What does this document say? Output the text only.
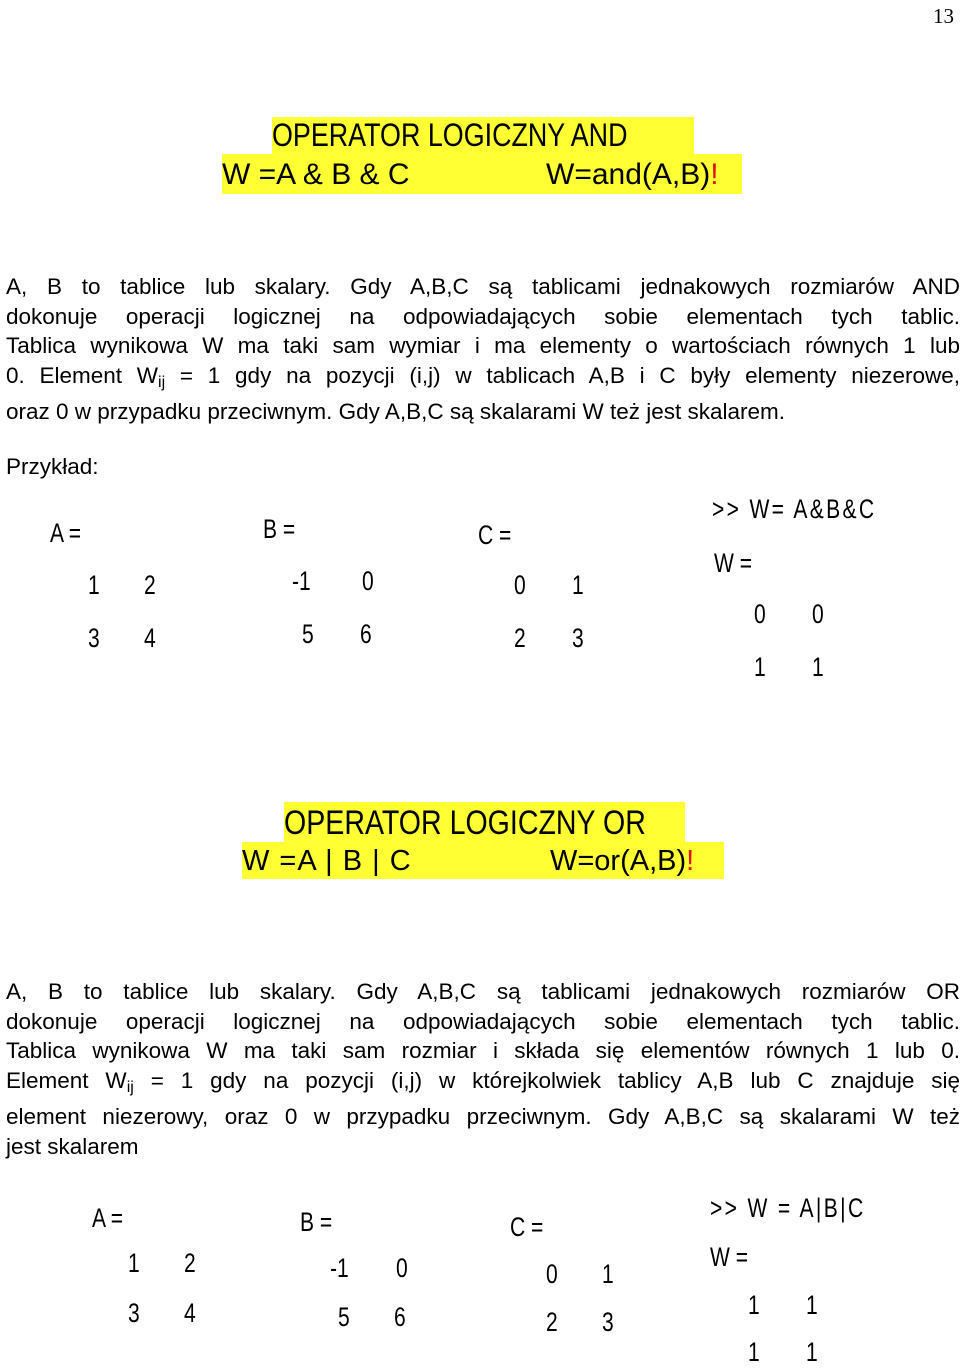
13
OPERATOR LOGICZNY AND
W =A & B & C	W=and(A,B)!
A, B to tablice lub skalary. Gdy A,B,C są tablicami jednakowych rozmiarów AND
dokonuje operacji logicznej na odpowiadających sobie elementach tych tablic.
Tablica wynikowa W ma taki sam wymiar i ma elementy o wartościach równych 1 lub
0. Element $W_{ij} = 1$ gdy na pozycji (i,j) w tablicach A,B i C były elementy niezerowe,
oraz 0 w przypadku przeciwnym. Gdy A,B,C są skalarami W też jest skalarem.
Przykład:
A =
1 2
3 4
B =
-1 0
5 6
C =
0 1
2 3
>> W= A&B&C
W =
0 0
1 1
OPERATOR LOGICZNY OR
W =A | B | C	W=or(A,B)!
A, B to tablice lub skalary. Gdy A,B,C są tablicami jednakowych rozmiarów OR
dokonuje operacji logicznej na odpowiadających sobie elementach tych tablic.
Tablica wynikowa W ma taki sam rozmiar i składa się elementów równych 1 lub 0.
Element $W_{ij} = 1$ gdy na pozycji (i,j) w którejkolwiek tablicy A,B lub C znajduje się
element niezerowy, oraz 0 w przypadku przeciwnym. Gdy A,B,C są skalarami W też
jest skalarem
A =
1 2
3 4
B =
-1 0
5 6
C =
0 1
2 3
>> W = A|B|C
W =
1 1
1 1
